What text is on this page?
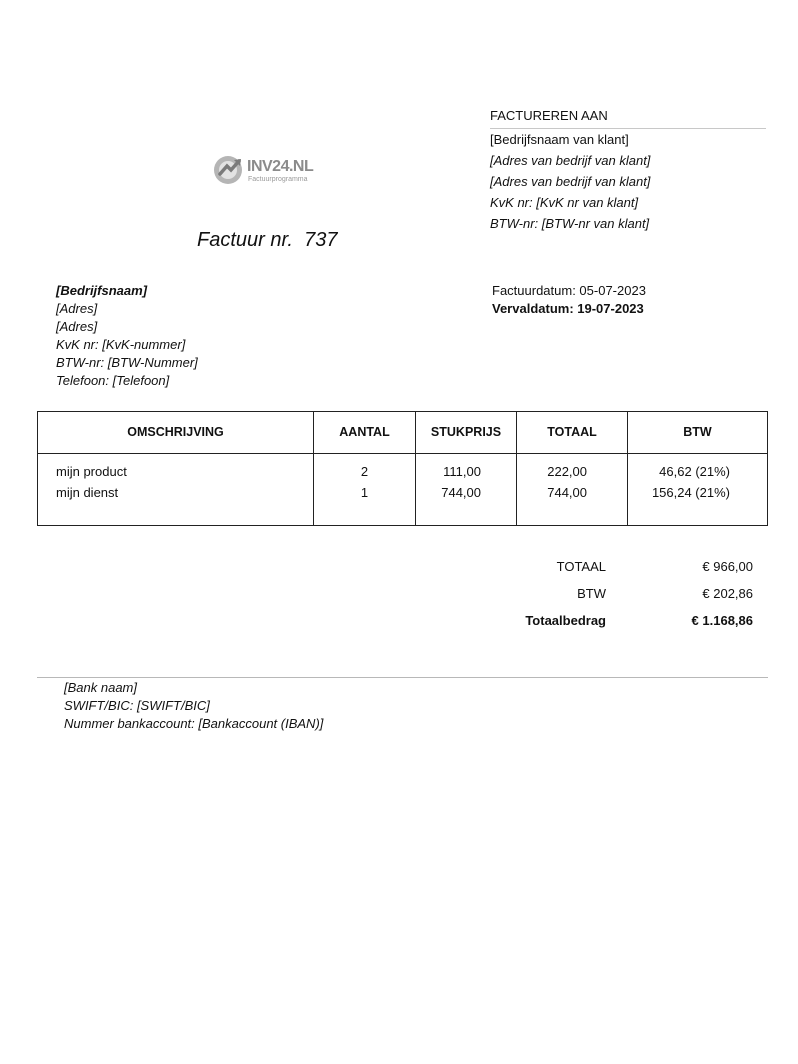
FACTUREREN AAN
[Bedrijfsnaam van klant]
[Adres van bedrijf van klant]
[Adres van bedrijf van klant]
KvK nr: [KvK nr van klant]
BTW-nr: [BTW-nr van klant]
INV24.NL
Factuurprogramma
Factuur nr.  737
[Bedrijfsnaam]
[Adres]
[Adres]
KvK nr: [KvK-nummer]
BTW-nr: [BTW-Nummer]
Telefoon: [Telefoon]
Factuurdatum: 05-07-2023
Vervaldatum: 19-07-2023
OMSCHRIJVING	AANTAL	STUKPRIJS	TOTAAL	BTW
mijn product	2	111,00	222,00	46,62 (21%)
mijn dienst	1	744,00	744,00	156,24 (21%)
TOTAAL	€ 966,00
BTW	€ 202,86
Totaalbedrag	€ 1.168,86
[Bank naam]
SWIFT/BIC: [SWIFT/BIC]
Nummer bankaccount: [Bankaccount (IBAN)]
